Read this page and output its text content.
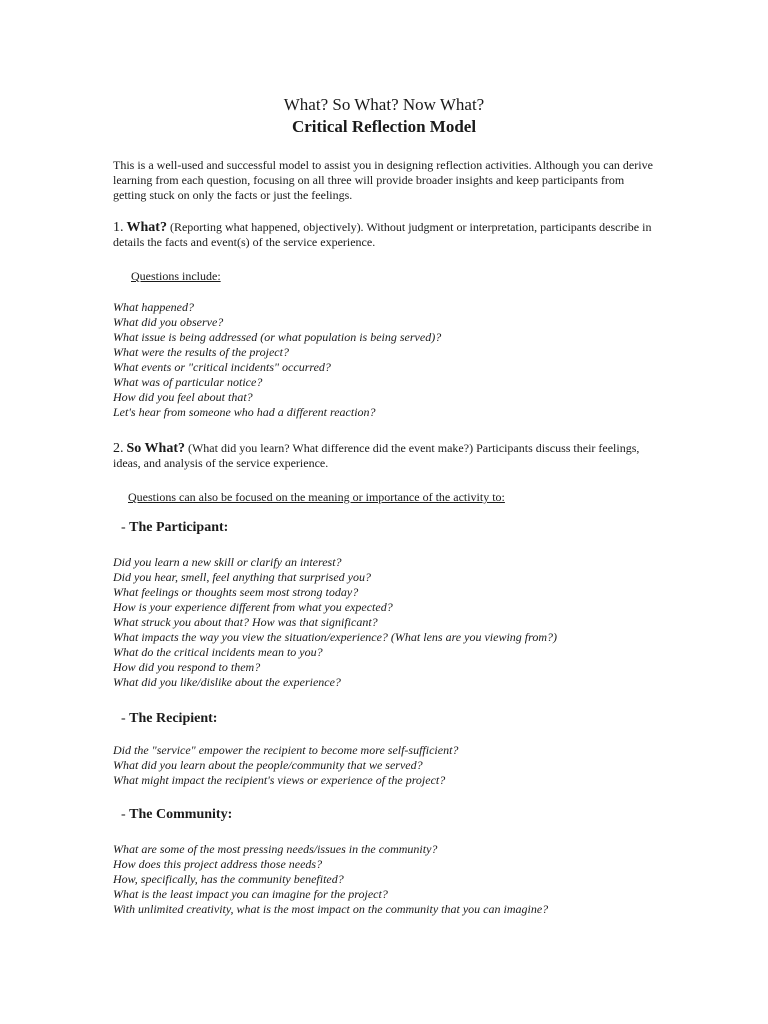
What? So What? Now What?
Critical Reflection Model
This is a well-used and successful model to assist you in designing reflection activities. Although you can derive learning from each question, focusing on all three will provide broader insights and keep participants from getting stuck on only the facts or just the feelings.
1. What? (Reporting what happened, objectively). Without judgment or interpretation, participants describe in details the facts and event(s) of the service experience.
Questions include:
What happened?
What did you observe?
What issue is being addressed (or what population is being served)?
What were the results of the project?
What events or "critical incidents" occurred?
What was of particular notice?
How did you feel about that?
Let's hear from someone who had a different reaction?
2. So What? (What did you learn? What difference did the event make?) Participants discuss their feelings, ideas, and analysis of the service experience.
Questions can also be focused on the meaning or importance of the activity to:
- The Participant:
Did you learn a new skill or clarify an interest?
Did you hear, smell, feel anything that surprised you?
What feelings or thoughts seem most strong today?
How is your experience different from what you expected?
What struck you about that? How was that significant?
What impacts the way you view the situation/experience? (What lens are you viewing from?)
What do the critical incidents mean to you?
How did you respond to them?
What did you like/dislike about the experience?
- The Recipient:
Did the "service" empower the recipient to become more self-sufficient?
What did you learn about the people/community that we served?
What might impact the recipient's views or experience of the project?
- The Community:
What are some of the most pressing needs/issues in the community?
How does this project address those needs?
How, specifically, has the community benefited?
What is the least impact you can imagine for the project?
With unlimited creativity, what is the most impact on the community that you can imagine?
